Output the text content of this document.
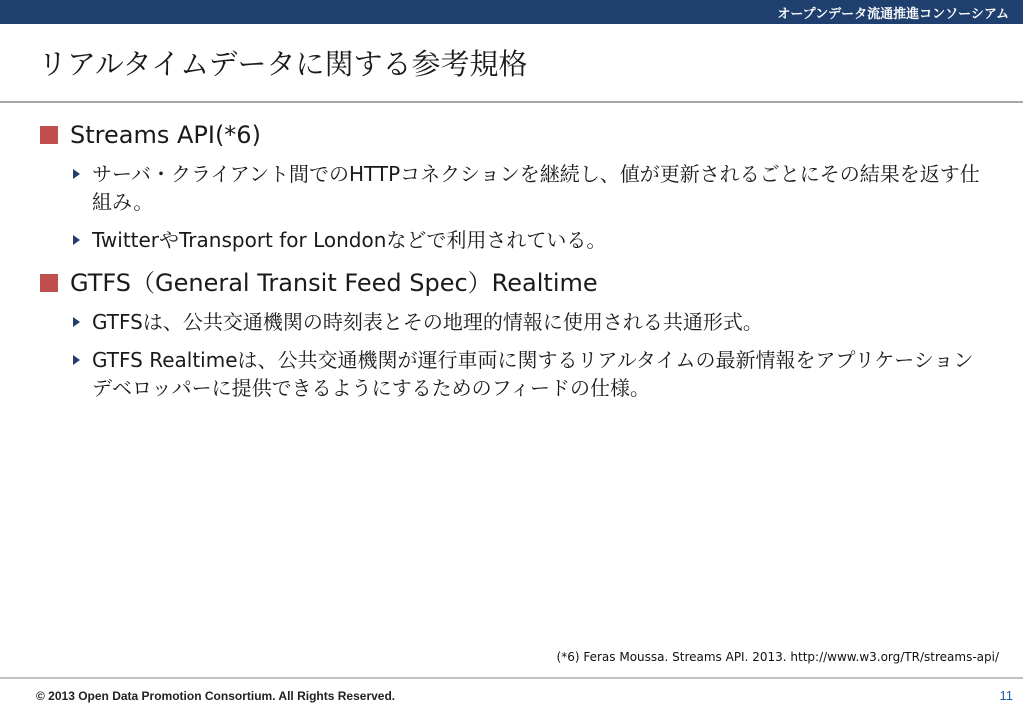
オープンデータ流通推進コンソーシアム
リアルタイムデータに関する参考規格
Streams API(*6)
サーバ・クライアント間でのHTTPコネクションを継続し、値が更新されるごとにその結果を返す仕組み。
TwitterやTransport for Londonなどで利用されている。
GTFS（General Transit Feed Spec）Realtime
GTFSは、公共交通機関の時刻表とその地理的情報に使用される共通形式。
GTFS Realtimeは、公共交通機関が運行車両に関するリアルタイムの最新情報をアプリケーション デベロッパーに提供できるようにするためのフィードの仕様。
(*6) Feras Moussa. Streams API. 2013. http://www.w3.org/TR/streams-api/
© 2013 Open Data Promotion Consortium. All Rights Reserved.	11
